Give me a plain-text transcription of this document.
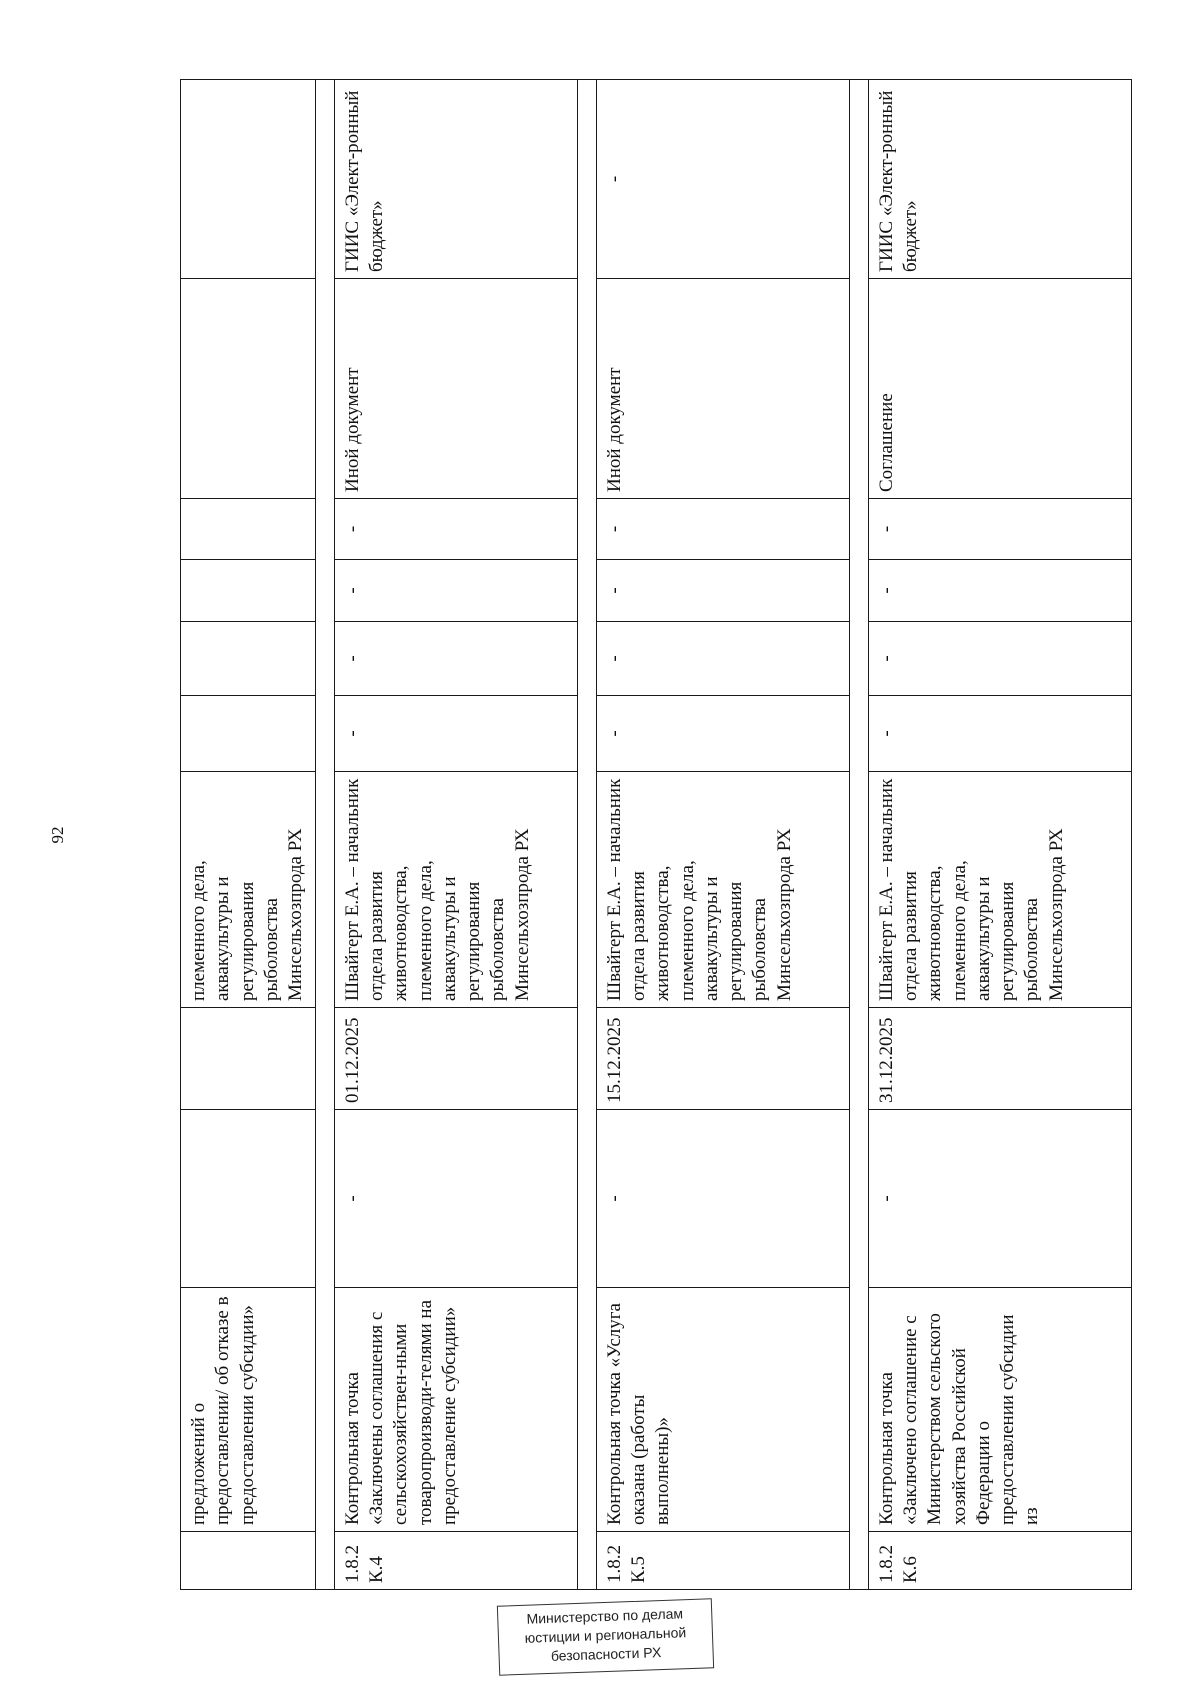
92
	предложений о предоставлении/ об отказе в предоставлении субсидии»			племенного дела, аквакультуры и регулирования рыболовства Минсельхозпрода РХ						

1.8.2 К.4	Контрольная точка «Заключены соглашения с сельскохозяйствен-ными товаропроизводи-телями на предоставление субсидии»	-	01.12.2025	Швайгерт Е.А. – начальник отдела развития животноводства, племенного дела, аквакультуры и регулирования рыболовства Минсельхозпрода РХ	-	-	-	-	Иной документ	ГИИС «Элект-ронный бюджет»

1.8.2 К.5	Контрольная точка «Услуга оказана (работы выполнены)»	-	15.12.2025	Швайгерт Е.А. – начальник отдела развития животноводства, племенного дела, аквакультуры и регулирования рыболовства Минсельхозпрода РХ	-	-	-	-	Иной документ	-

1.8.2 К.6	Контрольная точка «Заключено соглашение с Министерством сельского хозяйства Российской Федерации о предоставлении субсидии из	-	31.12.2025	Швайгерт Е.А. – начальник отдела развития животноводства, племенного дела, аквакультуры и регулирования рыболовства Минсельхозпрода РХ	-	-	-	-	Соглашение	ГИИС «Элект-ронный бюджет»
Министерство по делам
юстиции и региональной
безопасности РХ
